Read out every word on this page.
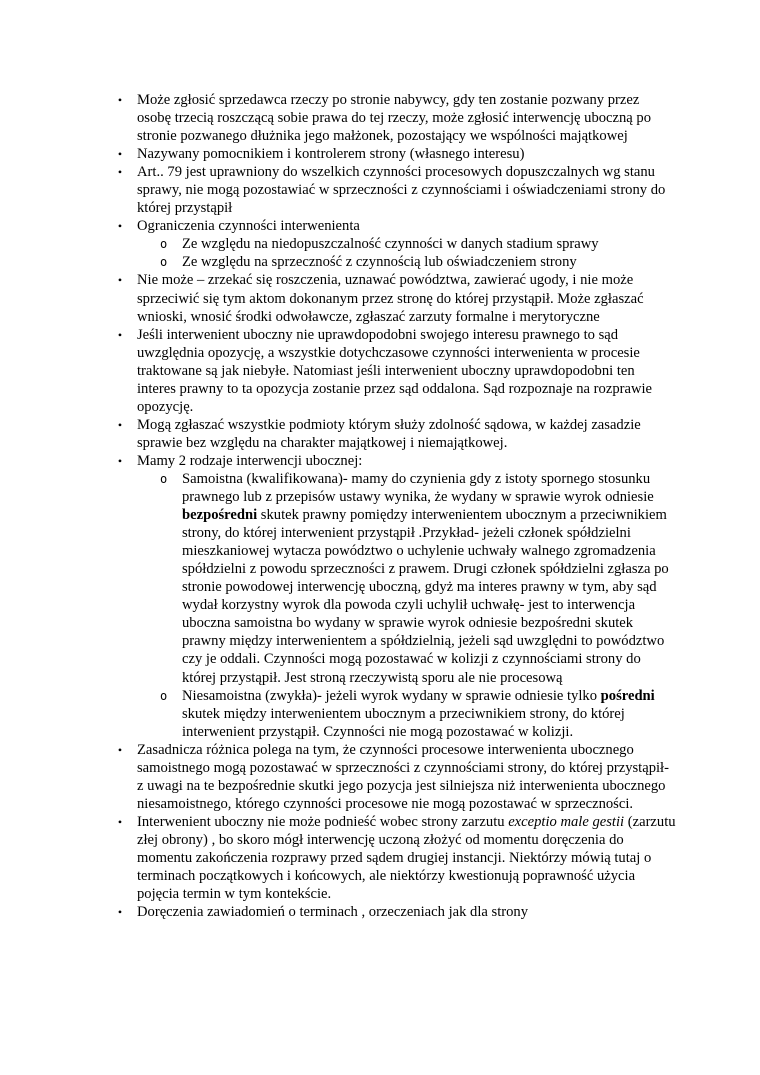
• Może zgłosić sprzedawca rzeczy po stronie nabywcy, gdy ten zostanie pozwany przez osobę trzecią roszczącą sobie prawa do tej rzeczy, może zgłosić interwencję uboczną po stronie pozwanego dłużnika jego małżonek, pozostający we wspólności majątkowej
• Nazywany pomocnikiem i kontrolerem strony (własnego interesu)
• Art.. 79 jest uprawniony do wszelkich czynności procesowych dopuszczalnych wg stanu sprawy, nie mogą pozostawiać w sprzeczności z czynnościami i oświadczeniami strony do której przystąpił
• Ograniczenia czynności interwenienta
o Ze względu na niedopuszczalność czynności w danych stadium sprawy
o Ze względu na sprzeczność z czynnością lub oświadczeniem strony
• Nie może – zrzekać się roszczenia, uznawać powództwa, zawierać ugody, i nie może sprzeciwić się tym aktom dokonanym przez stronę do której przystąpił. Może zgłaszać wnioski, wnosić środki odwoławcze, zgłaszać zarzuty formalne i merytoryczne
• Jeśli interwenient uboczny nie uprawdopodobni swojego interesu prawnego to sąd uwzględnia opozycję, a wszystkie dotychczasowe czynności interwenienta w procesie traktowane są jak niebyłe. Natomiast jeśli interwenient uboczny uprawdopodobni ten interes prawny to ta opozycja zostanie przez sąd oddalona. Sąd rozpoznaje na rozprawie opozycję.
• Mogą zgłaszać wszystkie podmioty którym służy zdolność sądowa, w każdej zasadzie sprawie bez względu na charakter majątkowej i niemajątkowej.
• Mamy 2 rodzaje interwencji ubocznej:
o Samoistna (kwalifikowana)- mamy do czynienia gdy z istoty spornego stosunku prawnego lub z przepisów ustawy wynika, że wydany w sprawie wyrok odniesie bezpośredni skutek prawny pomiędzy interwenientem ubocznym a przeciwnikiem strony, do której interwenient przystąpił .Przykład- jeżeli członek spółdzielni mieszkaniowej wytacza powództwo o uchylenie uchwały walnego zgromadzenia spółdzielni z powodu sprzeczności z prawem. Drugi członek spółdzielni zgłasza po stronie powodowej interwencję uboczną, gdyż ma interes prawny w tym, aby sąd wydał korzystny wyrok dla powoda czyli uchylił uchwałę- jest to interwencja uboczna samoistna bo wydany w sprawie wyrok odniesie bezpośredni skutek prawny między interwenientem a spółdzielnią, jeżeli sąd uwzględni to powództwo czy je oddali. Czynności mogą pozostawać w kolizji z czynnościami strony do której przystąpił. Jest stroną rzeczywistą sporu ale nie procesową
o Niesamoistna (zwykła)- jeżeli wyrok wydany w sprawie odniesie tylko pośredni skutek między interwenientem ubocznym a przeciwnikiem strony, do której interwenient przystąpił. Czynności nie mogą pozostawać w kolizji.
• Zasadnicza różnica polega na tym, że czynności procesowe interwenienta ubocznego samoistnego mogą pozostawać w sprzeczności z czynnościami strony, do której przystąpił- z uwagi na te bezpośrednie skutki jego pozycja jest silniejsza niż interwenienta ubocznego niesamoistnego, którego czynności procesowe nie mogą pozostawać w sprzeczności.
• Interwenient uboczny nie może podnieść wobec strony zarzutu exceptio male gestii (zarzutu złej obrony) , bo skoro mógł interwencję uczoną złożyć od momentu doręczenia do momentu zakończenia rozprawy przed sądem drugiej instancji. Niektórzy mówią tutaj o terminach początkowych i końcowych, ale niektórzy kwestionują poprawność użycia pojęcia termin w tym kontekście.
• Doręczenia zawiadomień o terminach , orzeczeniach jak dla strony
